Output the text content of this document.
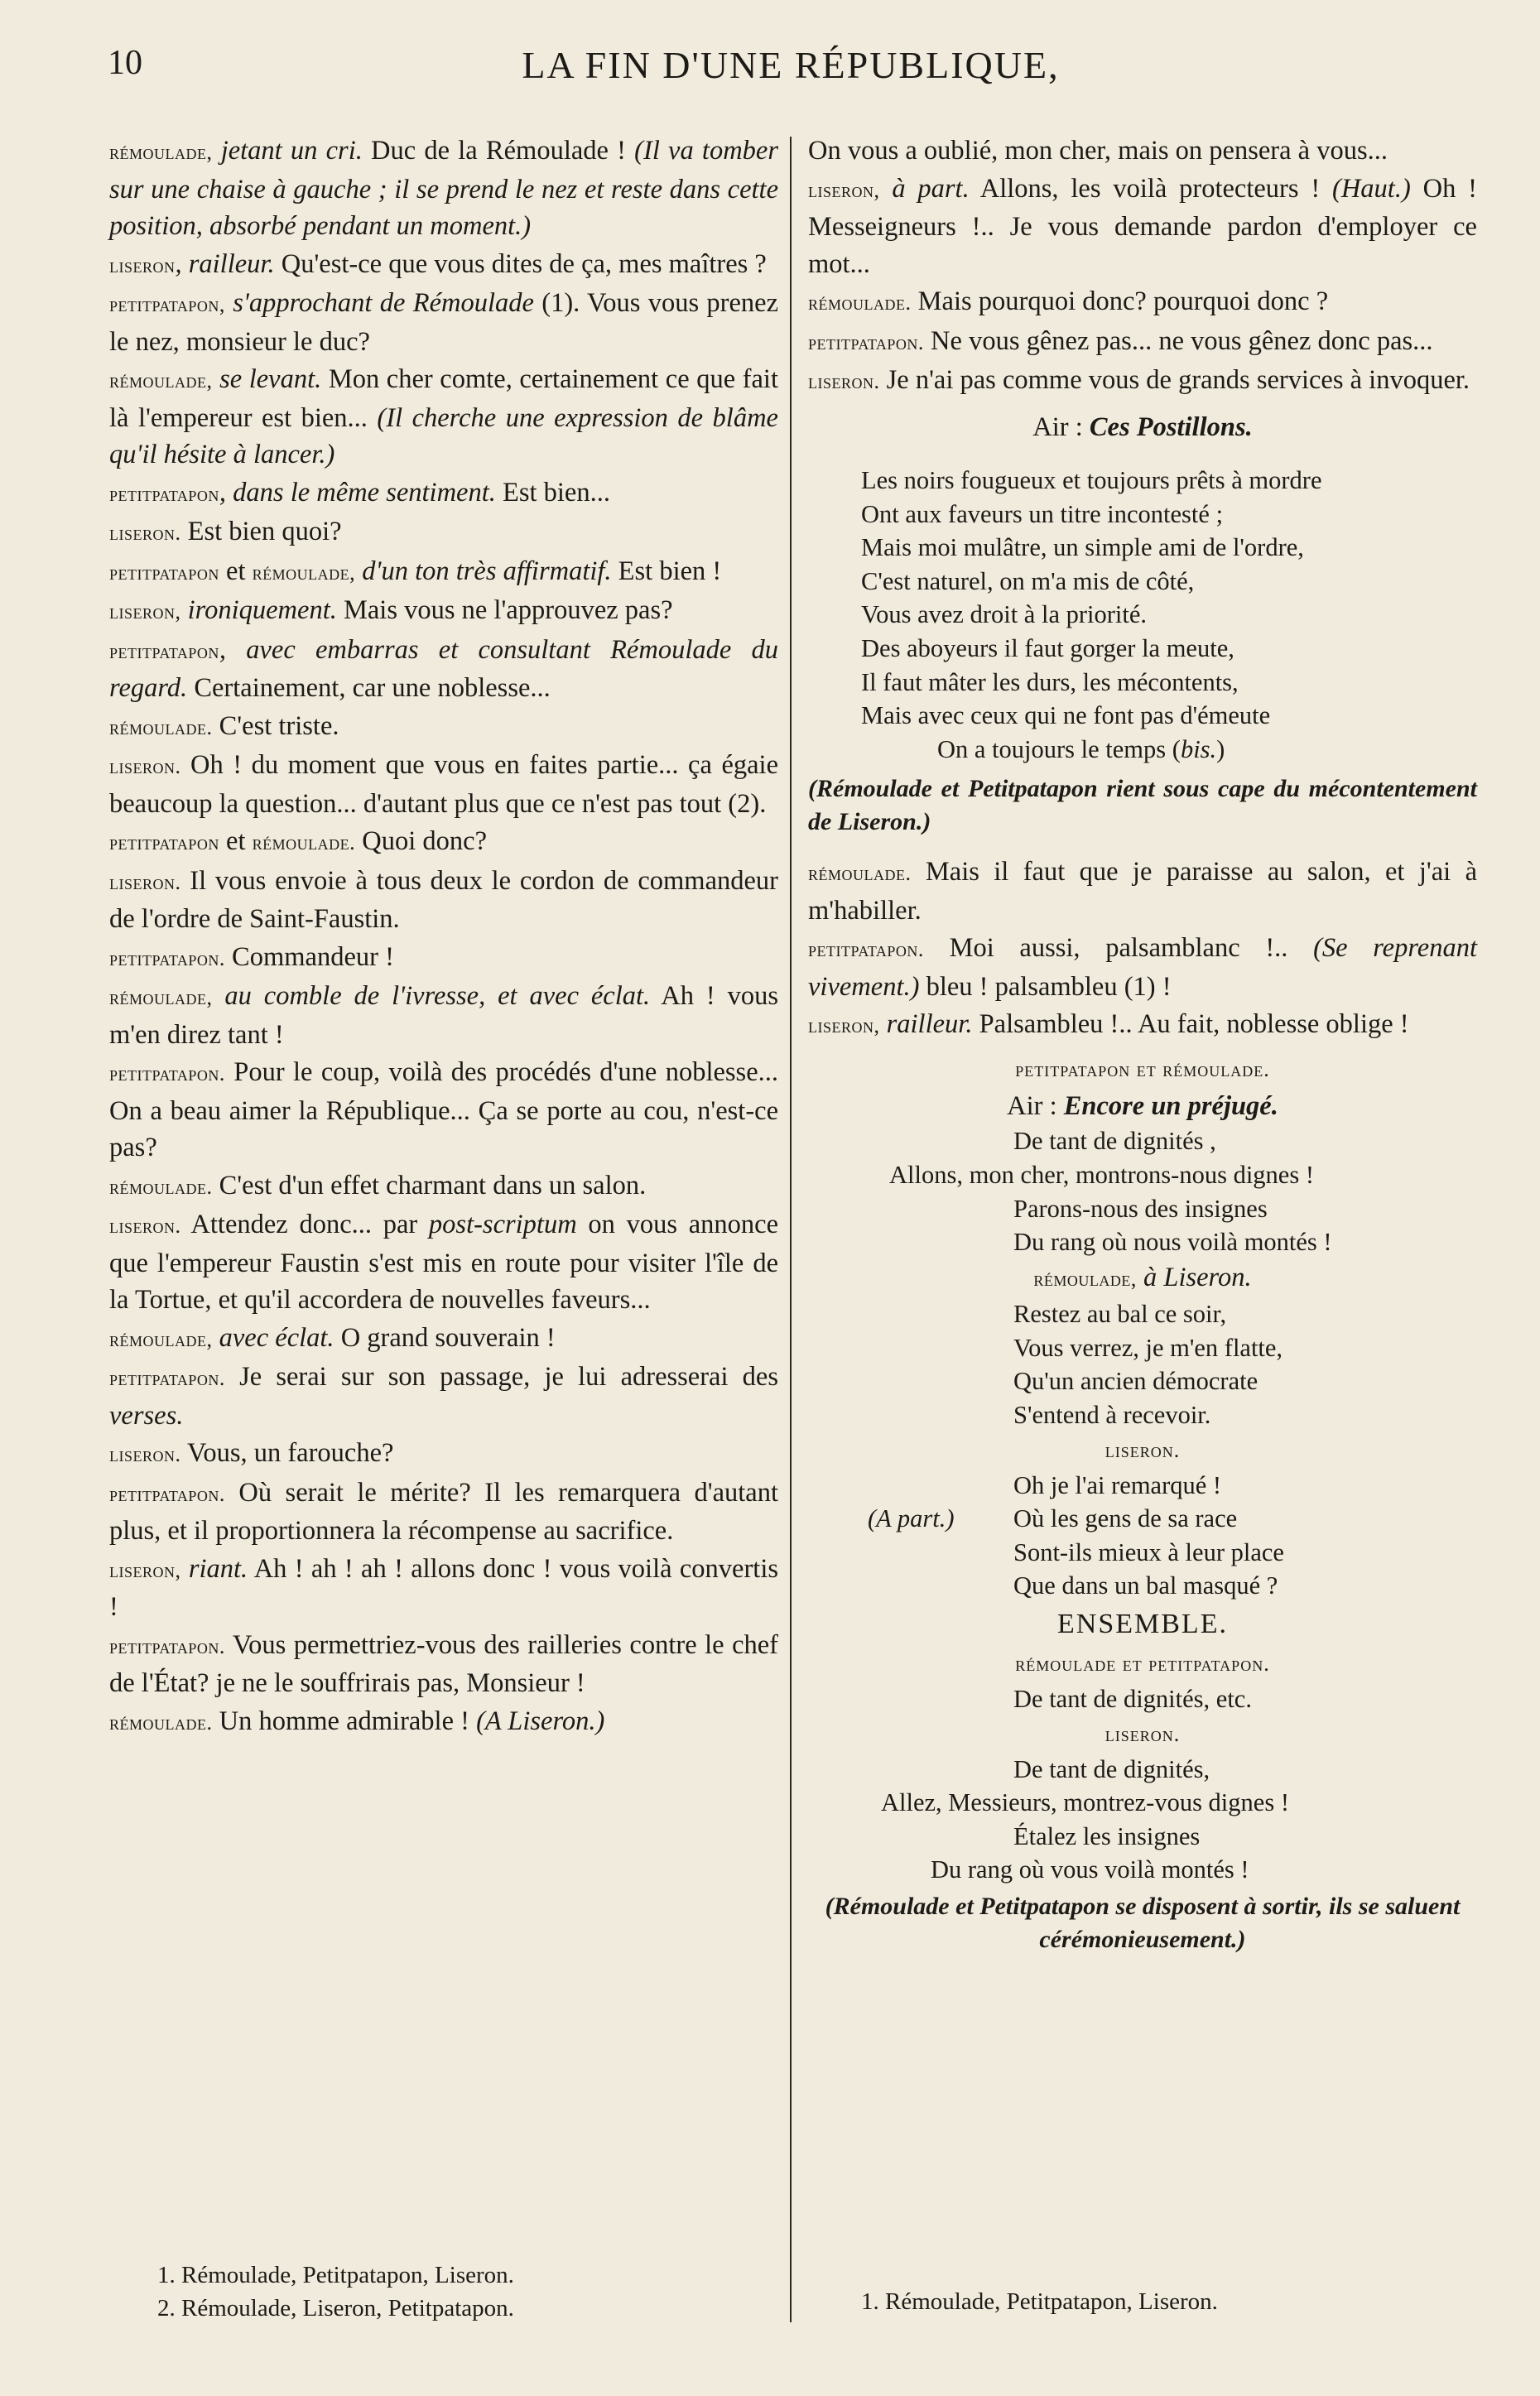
10	LA FIN D'UNE RÉPUBLIQUE,

rémoulade, jetant un cri. Duc de la Rémoulade ! (Il va tomber sur une chaise à gauche ; il se prend le nez et reste dans cette position, absorbé pendant un moment.)

liseron, railleur. Qu'est-ce que vous dites de ça, mes maîtres ?

petitpatapon, s'approchant de Rémoulade (1). Vous vous prenez le nez, monsieur le duc?

rémoulade, se levant. Mon cher comte, certainement ce que fait là l'empereur est bien... (Il cherche une expression de blâme qu'il hésite à lancer.)

petitpatapon, dans le même sentiment. Est bien...

liseron. Est bien quoi?

petitpatapon et rémoulade, d'un ton très affirmatif. Est bien !

liseron, ironiquement. Mais vous ne l'approuvez pas?

petitpatapon, avec embarras et consultant Rémoulade du regard. Certainement, car une noblesse...

rémoulade. C'est triste.

liseron. Oh ! du moment que vous en faites partie... ça égaie beaucoup la question... d'autant plus que ce n'est pas tout (2).

petitpatapon et rémoulade. Quoi donc?

liseron. Il vous envoie à tous deux le cordon de commandeur de l'ordre de Saint-Faustin.

petitpatapon. Commandeur !

rémoulade, au comble de l'ivresse, et avec éclat. Ah ! vous m'en direz tant !

petitpatapon. Pour le coup, voilà des procédés d'une noblesse... On a beau aimer la République... Ça se porte au cou, n'est-ce pas?

rémoulade. C'est d'un effet charmant dans un salon.

liseron. Attendez donc... par post-scriptum on vous annonce que l'empereur Faustin s'est mis en route pour visiter l'île de la Tortue, et qu'il accordera de nouvelles faveurs...

rémoulade, avec éclat. O grand souverain !

petitpatapon. Je serai sur son passage, je lui adresserai des verses.

liseron. Vous, un farouche?

petitpatapon. Où serait le mérite? Il les remarquera d'autant plus, et il proportionnera la récompense au sacrifice.

liseron, riant. Ah ! ah ! ah ! allons donc ! vous voilà convertis !

petitpatapon. Vous permettriez-vous des railleries contre le chef de l'État? je ne le souffrirais pas, Monsieur !

rémoulade. Un homme admirable ! (A Liseron.)

1. Rémoulade, Petitpatapon, Liseron.
2. Rémoulade, Liseron, Petitpatapon.

On vous a oublié, mon cher, mais on pensera à vous...

liseron, à part. Allons, les voilà protecteurs ! (Haut.) Oh ! Messeigneurs !.. Je vous demande pardon d'employer ce mot...

rémoulade. Mais pourquoi donc? pourquoi donc ?

petitpatapon. Ne vous gênez pas... ne vous gênez donc pas...

liseron. Je n'ai pas comme vous de grands services à invoquer.

Air : Ces Postillons.
Les noirs fougueux et toujours prêts à mordre
Ont aux faveurs un titre incontesté ;
Mais moi mulâtre, un simple ami de l'ordre,
C'est naturel, on m'a mis de côté,
Vous avez droit à la priorité.
Des aboyeurs il faut gorger la meute,
Il faut mâter les durs, les mécontents,
Mais avec ceux qui ne font pas d'émeute
On a toujours le temps (bis.)

(Rémoulade et Petitpatapon rient sous cape du mécontentement de Liseron.)

rémoulade. Mais il faut que je paraisse au salon, et j'ai à m'habiller.

petitpatapon. Moi aussi, palsamblanc !.. (Se reprenant vivement.) bleu ! palsambleu (1) !

liseron, railleur. Palsambleu !.. Au fait, noblesse oblige !

petitpatapon et rémoulade.
Air : Encore un préjugé.
De tant de dignités ,
Allons, mon cher, montrons-nous dignes !
Parons-nous des insignes
Du rang où nous voilà montés !
rémoulade, à Liseron.
Restez au bal ce soir,
Vous verrez, je m'en flatte,
Qu'un ancien démocrate
S'entend à recevoir.
liseron.
Oh je l'ai remarqué !
(A part.) Où les gens de sa race
Sont-ils mieux à leur place
Que dans un bal masqué ?
ENSEMBLE.
rémoulade et petitpatapon.
De tant de dignités, etc.
liseron.
De tant de dignités,
Allez, Messieurs, montrez-vous dignes !
Étalez les insignes
Du rang où vous voilà montés !

(Rémoulade et Petitpatapon se disposent à sortir, ils se saluent cérémonieusement.)

1. Rémoulade, Petitpatapon, Liseron.
